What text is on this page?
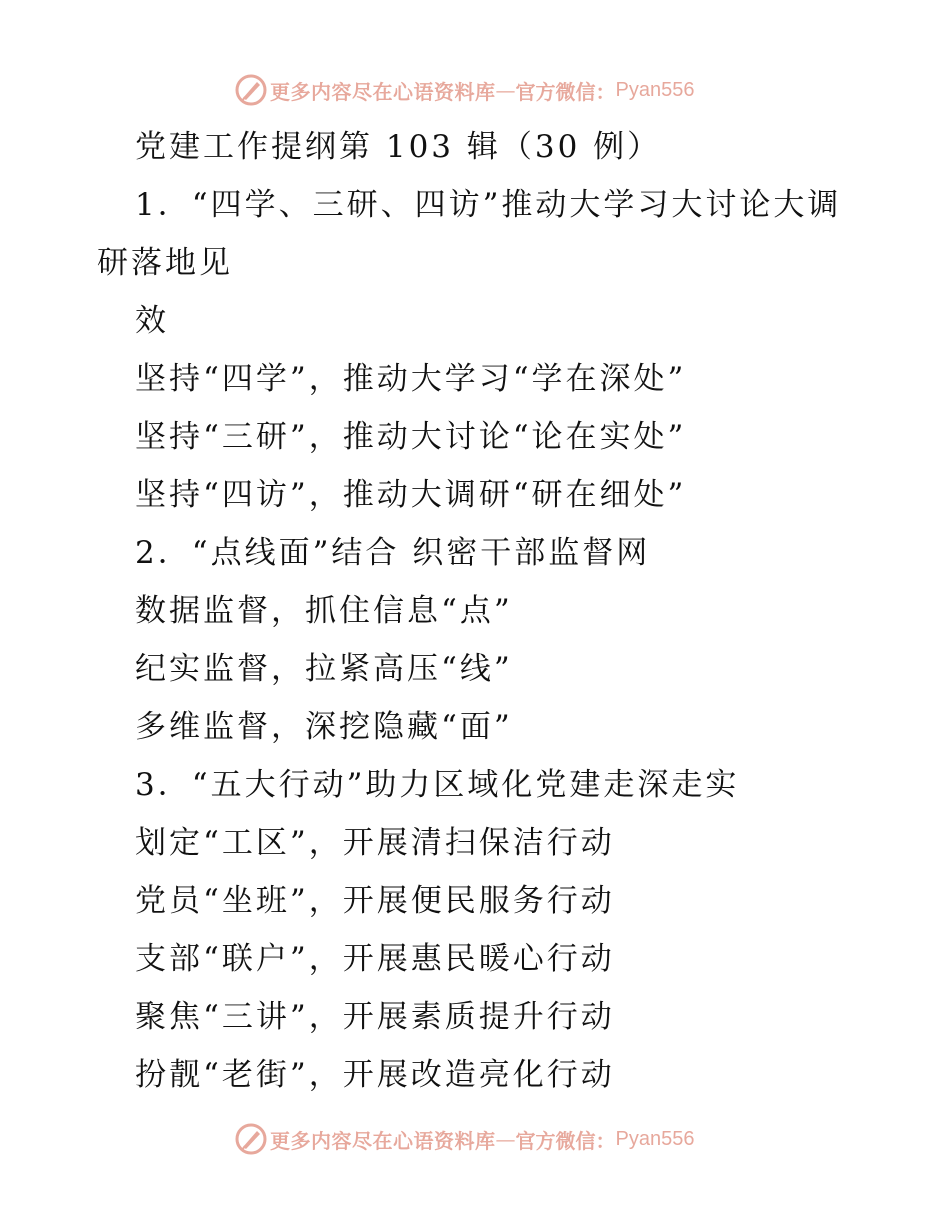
更多内容尽在心语资料库 — 官方微信： Pyan556
党建工作提纲第 103 辑（30 例）
1．“四学、三研、四访”推动大学习大讨论大调
研落地见
效
坚持“四学”，推动大学习“学在深处”
坚持“三研”，推动大讨论“论在实处”
坚持“四访”，推动大调研“研在细处”
2．“点线面”结合 织密干部监督网
数据监督，抓住信息“点”
纪实监督，拉紧高压“线”
多维监督，深挖隐藏“面”
3．“五大行动”助力区域化党建走深走实
划定“工区”，开展清扫保洁行动
党员“坐班”，开展便民服务行动
支部“联户”，开展惠民暖心行动
聚焦“三讲”，开展素质提升行动
扮靓“老街”，开展改造亮化行动
更多内容尽在心语资料库 — 官方微信： Pyan556
